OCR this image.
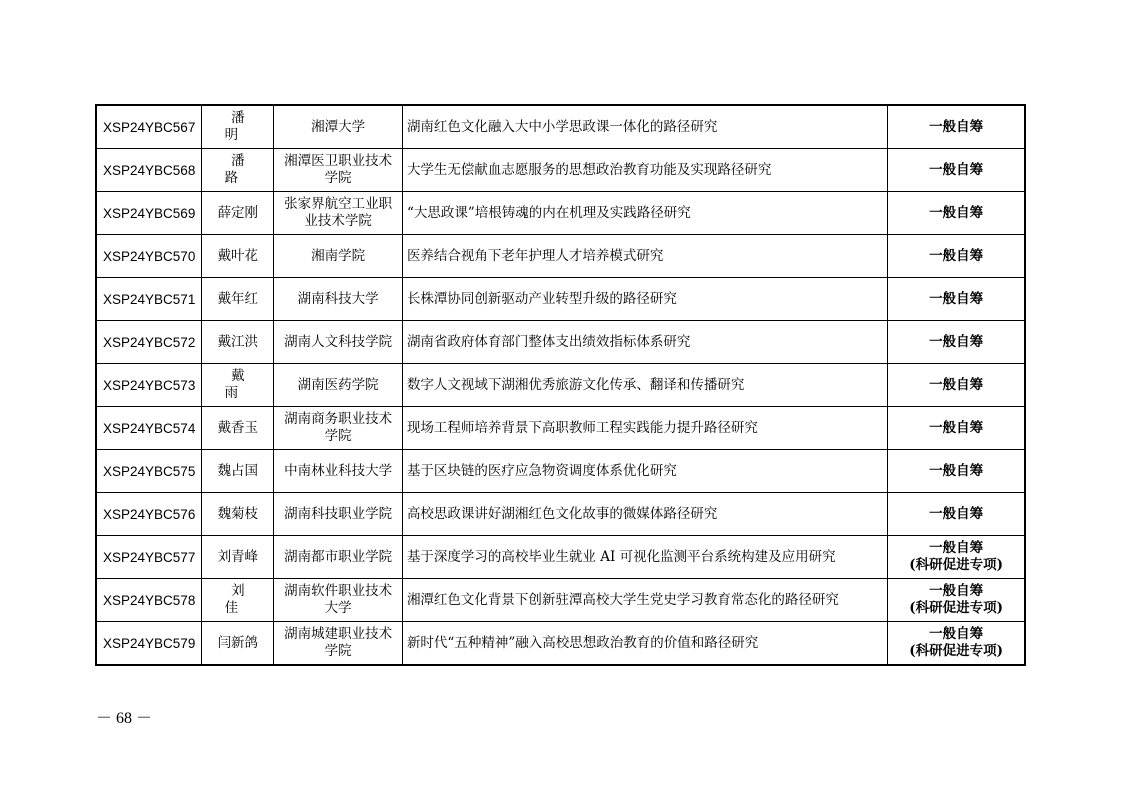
XSP24YBC567	潘　明	湘潭大学	湖南红色文化融入大中小学思政课一体化的路径研究	一般自筹

XSP24YBC568	潘　路	湘潭医卫职业技术学院	大学生无偿献血志愿服务的思想政治教育功能及实现路径研究	一般自筹

XSP24YBC569	薛定刚	张家界航空工业职业技术学院	“大思政课”培根铸魂的内在机理及实践路径研究	一般自筹

XSP24YBC570	戴叶花	湘南学院	医养结合视角下老年护理人才培养模式研究	一般自筹

XSP24YBC571	戴年红	湖南科技大学	长株潭协同创新驱动产业转型升级的路径研究	一般自筹

XSP24YBC572	戴江洪	湖南人文科技学院	湖南省政府体育部门整体支出绩效指标体系研究	一般自筹

XSP24YBC573	戴　雨	湖南医药学院	数字人文视域下湖湘优秀旅游文化传承、翻译和传播研究	一般自筹

XSP24YBC574	戴香玉	湖南商务职业技术学院	现场工程师培养背景下高职教师工程实践能力提升路径研究	一般自筹

XSP24YBC575	魏占国	中南林业科技大学	基于区块链的医疗应急物资调度体系优化研究	一般自筹

XSP24YBC576	魏菊枝	湖南科技职业学院	高校思政课讲好湖湘红色文化故事的微媒体路径研究	一般自筹

XSP24YBC577	刘青峰	湖南都市职业学院	基于深度学习的高校毕业生就业 AI 可视化监测平台系统构建及应用研究	一般自筹
(科研促进专项)

XSP24YBC578	刘　佳	湖南软件职业技术大学	湘潭红色文化背景下创新驻潭高校大学生党史学习教育常态化的路径研究	一般自筹
(科研促进专项)

XSP24YBC579	闫新鸽	湖南城建职业技术学院	新时代“五种精神”融入高校思想政治教育的价值和路径研究	一般自筹
(科研促进专项)
－ 68 －
